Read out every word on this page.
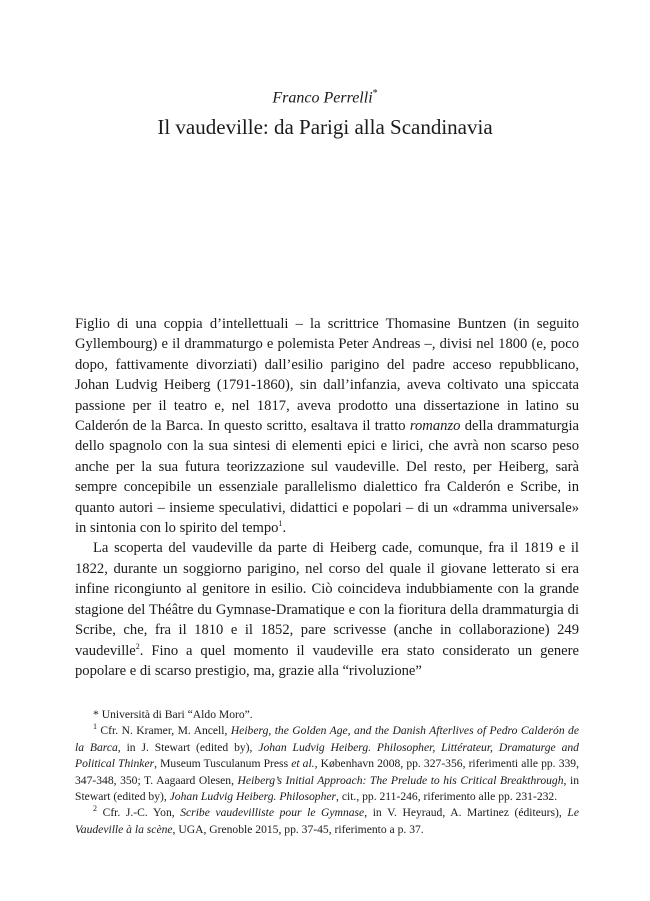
Franco Perrelli*
Il vaudeville: da Parigi alla Scandinavia

Figlio di una coppia d’intellettuali – la scrittrice Thomasine Buntzen (in seguito Gyllembourg) e il drammaturgo e polemista Peter Andreas –, divisi nel 1800 (e, poco dopo, fattivamente divorziati) dall’esilio parigino del padre acceso repubblicano, Johan Ludvig Heiberg (1791-1860), sin dall’infanzia, aveva coltivato una spiccata passione per il teatro e, nel 1817, aveva prodotto una dissertazione in latino su Calderón de la Barca. In questo scritto, esaltava il tratto romanzo della drammaturgia dello spagnolo con la sua sintesi di elementi epici e lirici, che avrà non scarso peso anche per la sua futura teorizzazione sul vaudeville. Del resto, per Heiberg, sarà sempre concepibile un essenziale parallelismo dialettico fra Calderón e Scribe, in quanto autori – insieme speculativi, didattici e popolari – di un «dramma universale» in sintonia con lo spirito del tempo$^1$.

La scoperta del vaudeville da parte di Heiberg cade, comunque, fra il 1819 e il 1822, durante un soggiorno parigino, nel corso del quale il giovane letterato si era infine ricongiunto al genitore in esilio. Ciò coincideva indubbiamente con la grande stagione del Théâtre du Gymnase-Dramatique e con la fioritura della drammaturgia di Scribe, che, fra il 1810 e il 1852, pare scrivesse (anche in collaborazione) 249 vaudeville$^2$. Fino a quel momento il vaudeville era stato considerato un genere popolare e di scarso prestigio, ma, grazie alla “rivoluzione”

* Università di Bari “Aldo Moro”.

$^1$ Cfr. N. Kramer, M. Ancell, Heiberg, the Golden Age, and the Danish Afterlives of Pedro Calderón de la Barca, in J. Stewart (edited by), Johan Ludvig Heiberg. Philosopher, Littérateur, Dramaturge and Political Thinker, Museum Tusculanum Press et al., København 2008, pp. 327-356, riferimenti alle pp. 339, 347-348, 350; T. Aagaard Olesen, Heiberg’s Initial Approach: The Prelude to his Critical Breakthrough, in Stewart (edited by), Johan Ludvig Heiberg. Philosopher, cit., pp. 211-246, riferimento alle pp. 231-232.

$^2$ Cfr. J.-C. Yon, Scribe vaudevilliste pour le Gymnase, in V. Heyraud, A. Martinez (éditeurs), Le Vaudeville à la scène, UGA, Grenoble 2015, pp. 37-45, riferimento a p. 37.
